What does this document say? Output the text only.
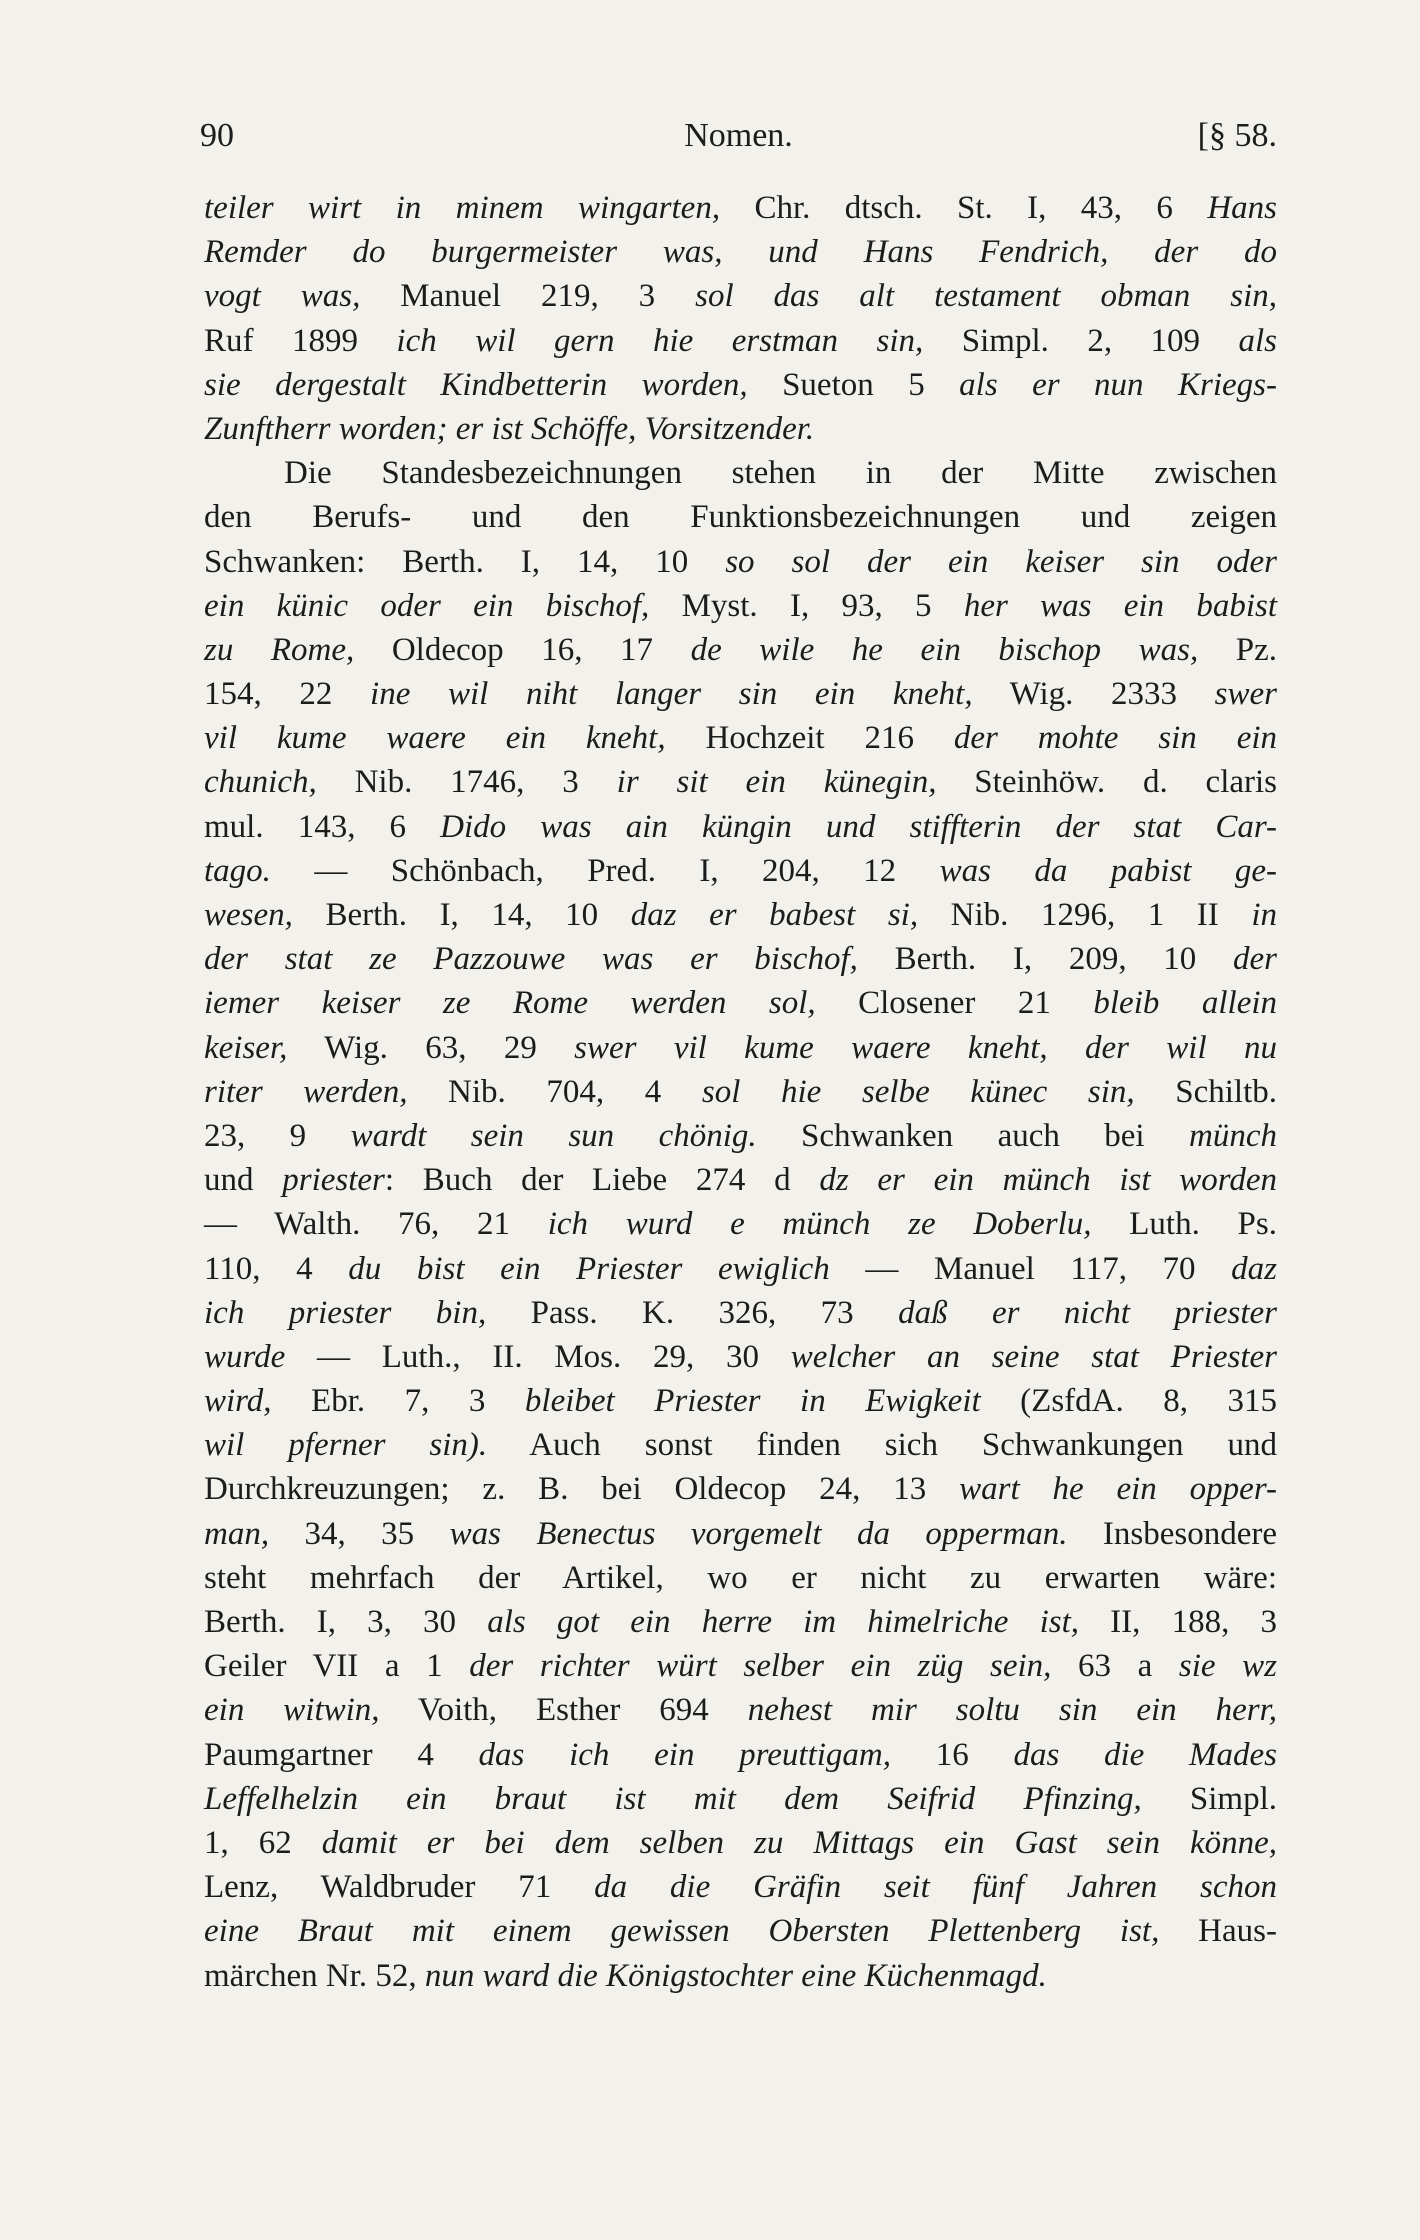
90	Nomen.	[§ 58.
teiler wirt in minem wingarten, Chr. dtsch. St. I, 43, 6 Hans
Remder do burgermeister was, und Hans Fendrich, der do
vogt was, Manuel 219, 3 sol das alt testament obman sin,
Ruf 1899 ich wil gern hie erstman sin, Simpl. 2, 109 als
sie dergestalt Kindbetterin worden, Sueton 5 als er nun Kriegs-
Zunftherr worden; er ist Schöffe, Vorsitzender.
Die Standesbezeichnungen stehen in der Mitte zwischen
den Berufs- und den Funktionsbezeichnungen und zeigen
Schwanken: Berth. I, 14, 10 so sol der ein keiser sin oder
ein künic oder ein bischof, Myst. I, 93, 5 her was ein babist
zu Rome, Oldecop 16, 17 de wile he ein bischop was, Pz.
154, 22 ine wil niht langer sin ein kneht, Wig. 2333 swer
vil kume waere ein kneht, Hochzeit 216 der mohte sin ein
chunich, Nib. 1746, 3 ir sit ein künegin, Steinhöw. d. claris
mul. 143, 6 Dido was ain küngin und stiffterin der stat Car-
tago. — Schönbach, Pred. I, 204, 12 was da pabist ge-
wesen, Berth. I, 14, 10 daz er babest si, Nib. 1296, 1 II in
der stat ze Pazzouwe was er bischof, Berth. I, 209, 10 der
iemer keiser ze Rome werden sol, Closener 21 bleib allein
keiser, Wig. 63, 29 swer vil kume waere kneht, der wil nu
riter werden, Nib. 704, 4 sol hie selbe künec sin, Schiltb.
23, 9 wardt sein sun chönig. Schwanken auch bei münch
und priester: Buch der Liebe 274 d dz er ein münch ist worden
— Walth. 76, 21 ich wurd e münch ze Doberlu, Luth. Ps.
110, 4 du bist ein Priester ewiglich — Manuel 117, 70 daz
ich priester bin, Pass. K. 326, 73 daß er nicht priester
wurde — Luth., II. Mos. 29, 30 welcher an seine stat Priester
wird, Ebr. 7, 3 bleibet Priester in Ewigkeit (ZsfdA. 8, 315
wil pferner sin). Auch sonst finden sich Schwankungen und
Durchkreuzungen; z. B. bei Oldecop 24, 13 wart he ein opper-
man, 34, 35 was Benectus vorgemelt da opperman. Insbesondere
steht mehrfach der Artikel, wo er nicht zu erwarten wäre:
Berth. I, 3, 30 als got ein herre im himelriche ist, II, 188, 3
Geiler VII a 1 der richter würt selber ein züg sein, 63 a sie wz
ein witwin, Voith, Esther 694 nehest mir soltu sin ein herr,
Paumgartner 4 das ich ein preuttigam, 16 das die Mades
Leffelhelzin ein braut ist mit dem Seifrid Pfinzing, Simpl.
1, 62 damit er bei dem selben zu Mittags ein Gast sein könne,
Lenz, Waldbruder 71 da die Gräfin seit fünf Jahren schon
eine Braut mit einem gewissen Obersten Plettenberg ist, Haus-
märchen Nr. 52, nun ward die Königstochter eine Küchenmagd.
